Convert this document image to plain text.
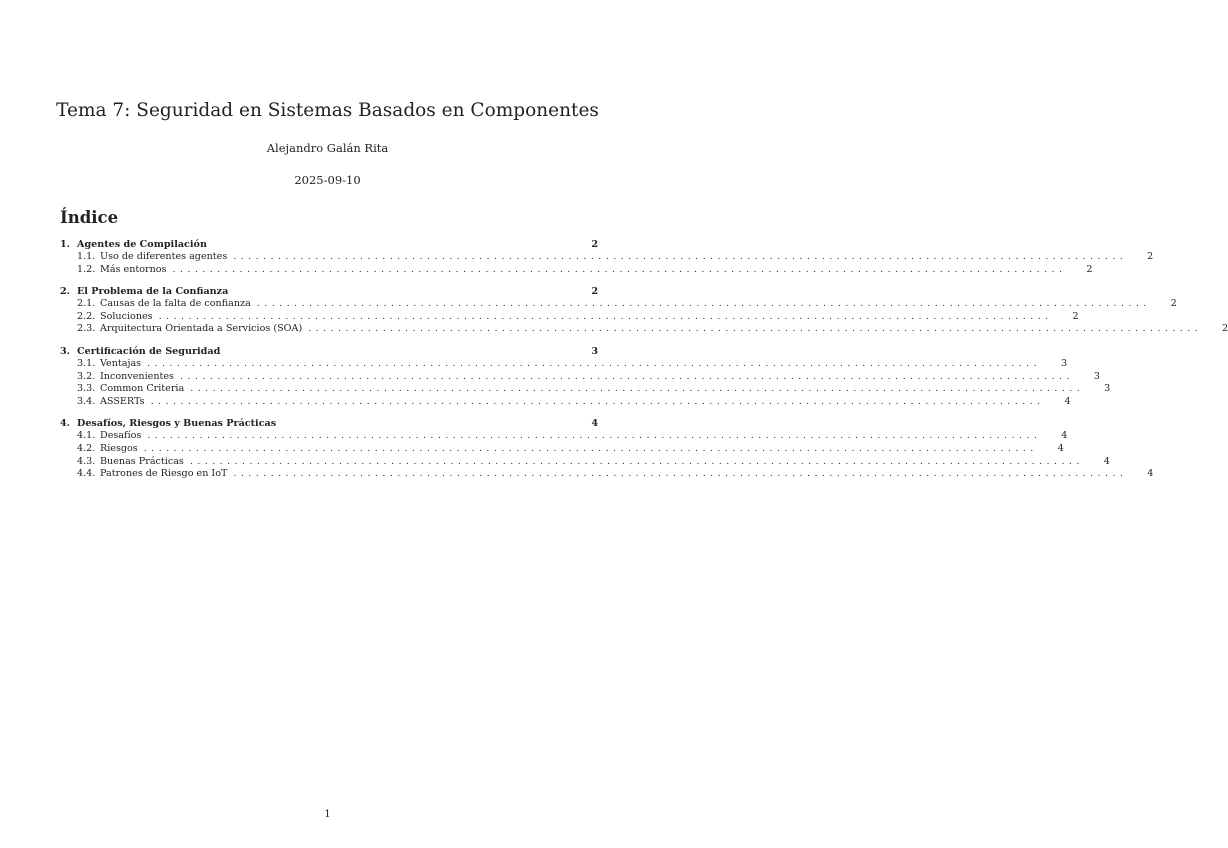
Tema 7: Seguridad en Sistemas Basados en Componentes
Alejandro Galán Rita
2025-09-10
Índice
1. Agentes de Compilación	2
1.1. Uso de diferentes agentes ........................................................................................................................	2
1.2. Más entornos ........................................................................................................................	2
2. El Problema de la Confianza	2
2.1. Causas de la falta de confianza ........................................................................................................................	2
2.2. Soluciones ........................................................................................................................	2
2.3. Arquitectura Orientada a Servicios (SOA) ........................................................................................................................	2
3. Certificación de Seguridad	3
3.1. Ventajas ........................................................................................................................	3
3.2. Inconvenientes ........................................................................................................................	3
3.3. Common Criteria ........................................................................................................................	3
3.4. ASSERTs ........................................................................................................................	4
4. Desafíos, Riesgos y Buenas Prácticas	4
4.1. Desafíos ........................................................................................................................	4
4.2. Riesgos ........................................................................................................................	4
4.3. Buenas Prácticas ........................................................................................................................	4
4.4. Patrones de Riesgo en IoT ........................................................................................................................	4
1
